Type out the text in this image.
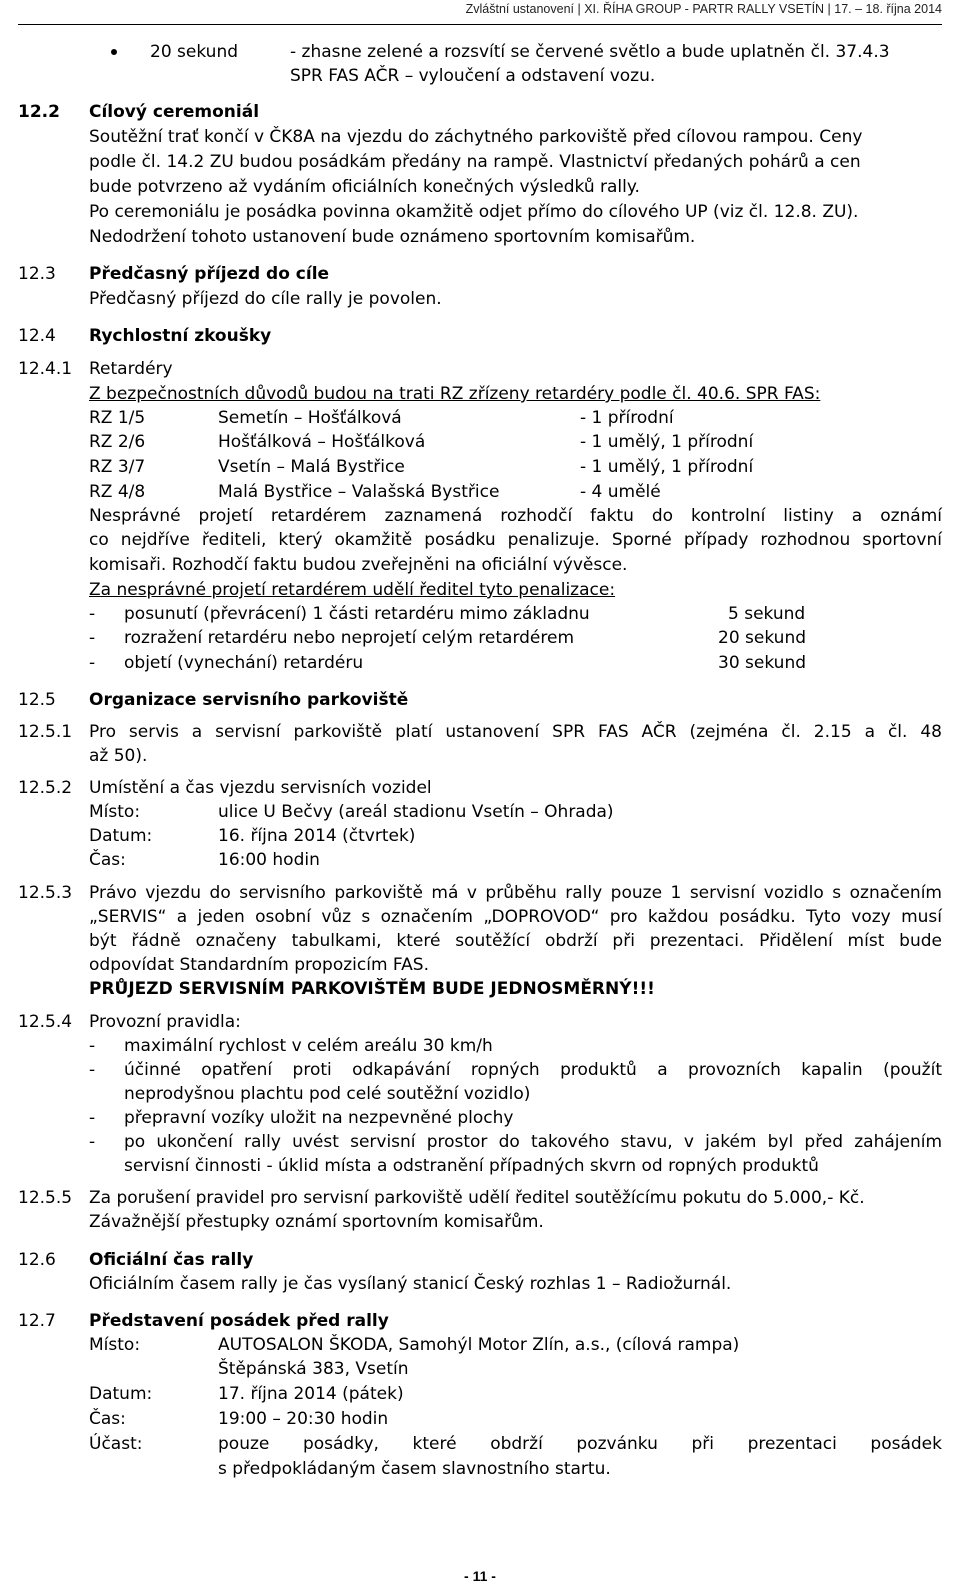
Zvláštní ustanovení | XI. ŘÍHA GROUP - PARTR RALLY VSETÍN | 17. – 18. října 2014
20 sekund	- zhasne zelené a rozsvítí se červené světlo a bude uplatněn čl. 37.4.3
SPR FAS AČR – vyloučení a odstavení vozu.
12.2 Cílový ceremoniál
Soutěžní trať končí v ČK8A na vjezdu do záchytného parkoviště před cílovou rampou. Ceny
podle čl. 14.2 ZU budou posádkám předány na rampě. Vlastnictví předaných pohárů a cen
bude potvrzeno až vydáním oficiálních konečných výsledků rally.
Po ceremoniálu je posádka povinna okamžitě odjet přímo do cílového UP (viz čl. 12.8. ZU).
Nedodržení tohoto ustanovení bude oznámeno sportovním komisařům.
12.3 Předčasný příjezd do cíle
Předčasný příjezd do cíle rally je povolen.
12.4 Rychlostní zkoušky
12.4.1 Retardéry
Z bezpečnostních důvodů budou na trati RZ zřízeny retardéry podle čl. 40.6. SPR FAS:
RZ 1/5	Semetín – Hošťálková	- 1 přírodní
RZ 2/6	Hošťálková – Hošťálková	- 1 umělý, 1 přírodní
RZ 3/7	Vsetín – Malá Bystřice	- 1 umělý, 1 přírodní
RZ 4/8	Malá Bystřice – Valašská Bystřice	- 4 umělé
Nesprávné projetí retardérem zaznamená rozhodčí faktu do kontrolní listiny a oznámí
co nejdříve řediteli, který okamžitě posádku penalizuje. Sporné případy rozhodnou sportovní
komisaři. Rozhodčí faktu budou zveřejněni na oficiální vývěsce.
Za nesprávné projetí retardérem udělí ředitel tyto penalizace:
- posunutí (převrácení) 1 části retardéru mimo základnu	5 sekund
- rozražení retardéru nebo neprojetí celým retardérem	20 sekund
- objetí (vynechání) retardéru	30 sekund
12.5 Organizace servisního parkoviště
12.5.1 Pro servis a servisní parkoviště platí ustanovení SPR FAS AČR (zejména čl. 2.15 a čl. 48
až 50).
12.5.2 Umístění a čas vjezdu servisních vozidel
Místo:	ulice U Bečvy (areál stadionu Vsetín – Ohrada)
Datum:	16. října 2014 (čtvrtek)
Čas:	16:00 hodin
12.5.3 Právo vjezdu do servisního parkoviště má v průběhu rally pouze 1 servisní vozidlo s označením
„SERVIS“ a jeden osobní vůz s označením „DOPROVOD“ pro každou posádku. Tyto vozy musí
být řádně označeny tabulkami, které soutěžící obdrží při prezentaci. Přidělení míst bude
odpovídat Standardním propozicím FAS.
PRŮJEZD SERVISNÍM PARKOVIŠTĚM BUDE JEDNOSMĚRNÝ!!!
12.5.4 Provozní pravidla:
- maximální rychlost v celém areálu 30 km/h
- účinné opatření proti odkapávání ropných produktů a provozních kapalin (použít
neprodyšnou plachtu pod celé soutěžní vozidlo)
- přepravní vozíky uložit na nezpevněné plochy
- po ukončení rally uvést servisní prostor do takového stavu, v jakém byl před zahájením
servisní činnosti - úklid místa a odstranění případných skvrn od ropných produktů
12.5.5 Za porušení pravidel pro servisní parkoviště udělí ředitel soutěžícímu pokutu do 5.000,- Kč.
Závažnější přestupky oznámí sportovním komisařům.
12.6 Oficiální čas rally
Oficiálním časem rally je čas vysílaný stanicí Český rozhlas 1 – Radiožurnál.
12.7 Představení posádek před rally
Místo:	AUTOSALON ŠKODA, Samohýl Motor Zlín, a.s., (cílová rampa)
Štěpánská 383, Vsetín
Datum:	17. října 2014 (pátek)
Čas:	19:00 – 20:30 hodin
Účast:	pouze posádky, které obdrží pozvánku při prezentaci posádek
s předpokládaným časem slavnostního startu.
- 11 -
